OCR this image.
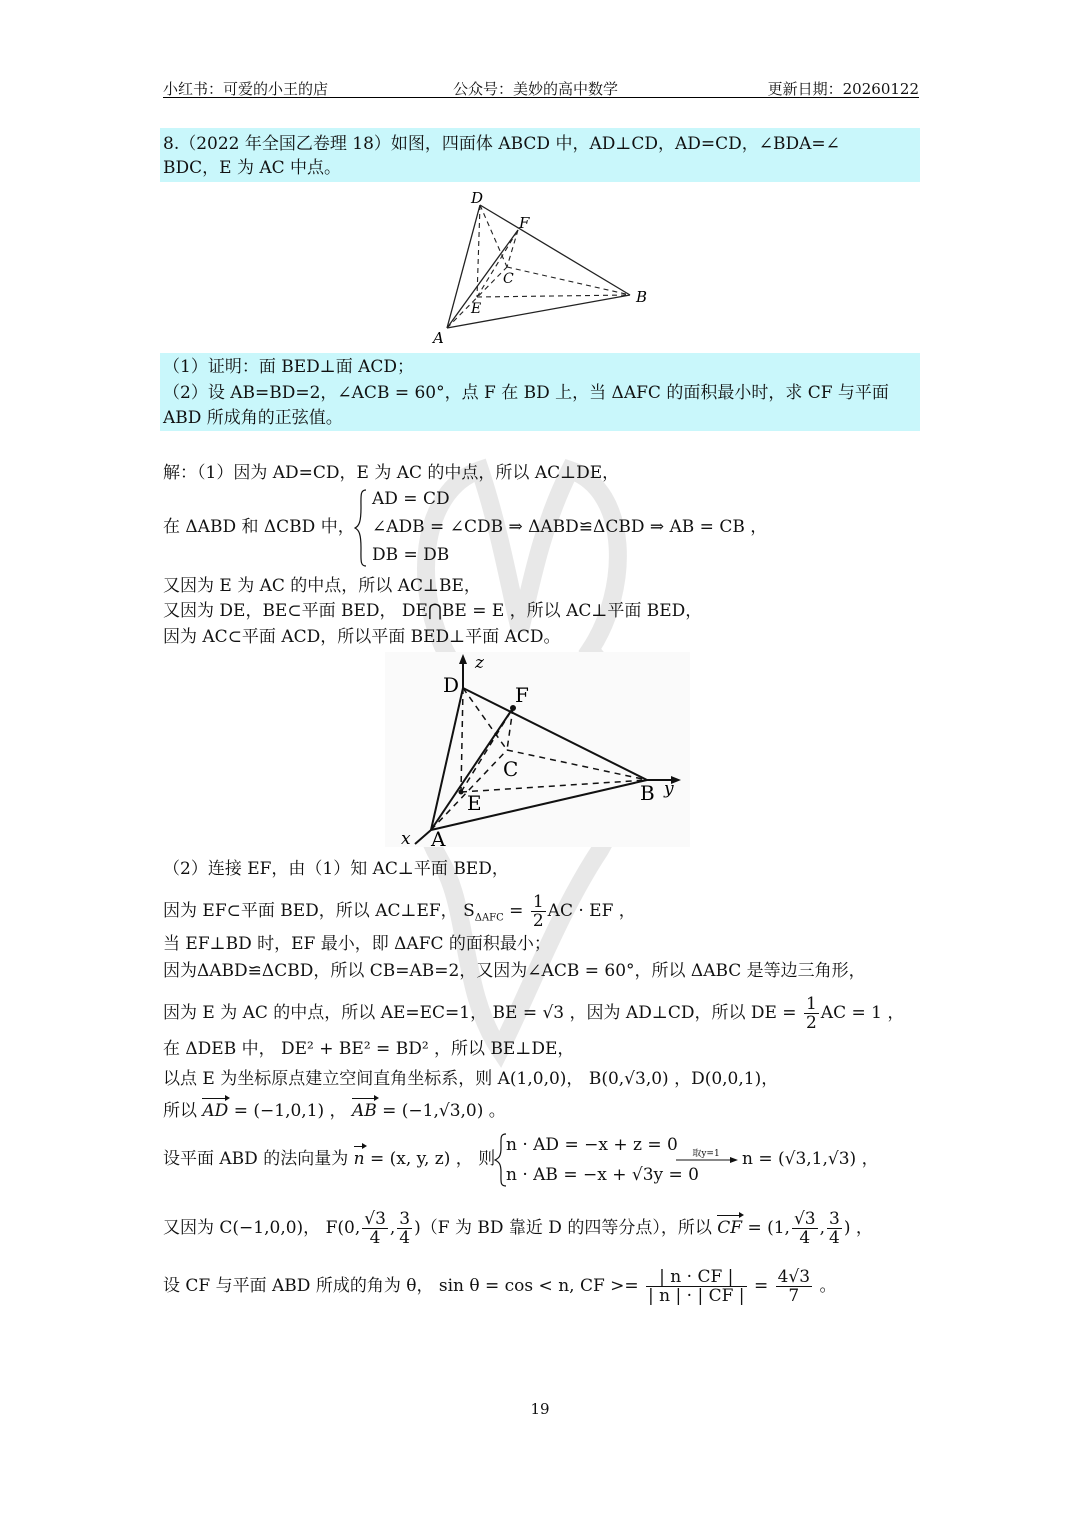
小红书：可爱的小王的店	公众号：美妙的高中数学	更新日期：20260122
8.（2022 年全国乙卷理 18）如图，四面体 ABCD 中，AD⊥CD，AD=CD，∠BDA=∠
BDC，E 为 AC 中点。
D
F
C
E
B
A
（1）证明：面 BED⊥面 ACD；
（2）设 AB=BD=2，∠ACB = 60°，点 F 在 BD 上，当 ΔAFC 的面积最小时，求 CF 与平面
ABD 所成角的正弦值。
解：（1）因为 AD=CD，E 为 AC 的中点，所以 AC⊥DE，
在 ΔABD 和 ΔCBD 中，
AD = CD
∠ADB = ∠CDB ⇒ ΔABD≌ΔCBD ⇒ AB = CB ，
DB = DB
又因为 E 为 AC 的中点，所以 AC⊥BE，
又因为 DE，BE⊂平面 BED， DE⋂BE = E ，所以 AC⊥平面 BED，
因为 AC⊂平面 ACD，所以平面 BED⊥平面 ACD。
z
D	F
C
E	B y
x A
（2）连接 EF，由（1）知 AC⊥平面 BED，
因为 EF⊂平面 BED，所以 AC⊥EF， $S_{\Delta AFC} = \frac{1}{2}$ AC · EF ，
当 EF⊥BD 时，EF 最小，即 ΔAFC 的面积最小；
因为ΔABD≌ΔCBD，所以 CB=AB=2，又因为∠ACB = 60°，所以 ΔABC 是等边三角形，
因为 E 为 AC 的中点，所以 AE=EC=1， BE = √3 ，因为 AD⊥CD，所以 DE = $\frac{1}{2}$ AC = 1 ，
在 ΔDEB 中， DE² + BE² = BD² ，所以 BE⊥DE，
以点 E 为坐标原点建立空间直角坐标系，则 A(1,0,0)， B(0,√3,0) ，D(0,0,1)，
所以 AD = (−1,0,1) ， AB = (−1,√3,0) 。
设平面 ABD 的法向量为 n = (x, y, z) ， 则
n · AD = −x + z = 0
n · AB = −x + √3y = 0
取y=1	n = (√3,1,√3) ，
又因为 C(−1,0,0)， F(0, $\frac{√3}{4}$ , $\frac{3}{4} )(F$ 为 BD 靠近 D 的四等分点），所以 CF = (1, $\frac{√3}{4}$ , $\frac{3}{4}$ ) ，
设 CF 与平面 ABD 所成的角为 θ， sin θ = cos < n, CF >= $\frac{| n \cdot CF |}{| n | \cdot | CF |} = \frac{4√3}{7}$ 。
19
